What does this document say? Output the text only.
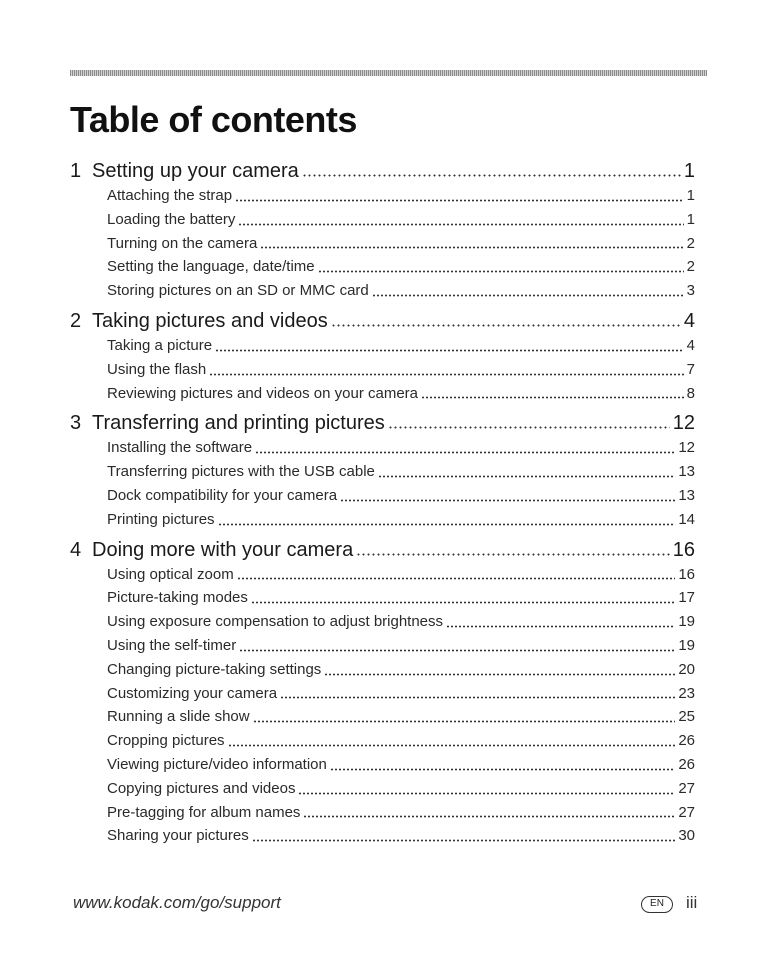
Table of contents
1 Setting up your camera	1
Attaching the strap	1
Loading the battery	1
Turning on the camera	2
Setting the language, date/time	2
Storing pictures on an SD or MMC card	3
2 Taking pictures and videos	4
Taking a picture	4
Using the flash	7
Reviewing pictures and videos on your camera	8
3 Transferring and printing pictures	12
Installing the software	12
Transferring pictures with the USB cable	13
Dock compatibility for your camera	13
Printing pictures	14
4 Doing more with your camera	16
Using optical zoom	16
Picture-taking modes	17
Using exposure compensation to adjust brightness	19
Using the self-timer	19
Changing picture-taking settings	20
Customizing your camera	23
Running a slide show	25
Cropping pictures	26
Viewing picture/video information	26
Copying pictures and videos	27
Pre-tagging for album names	27
Sharing your pictures	30
www.kodak.com/go/support	EN	iii
